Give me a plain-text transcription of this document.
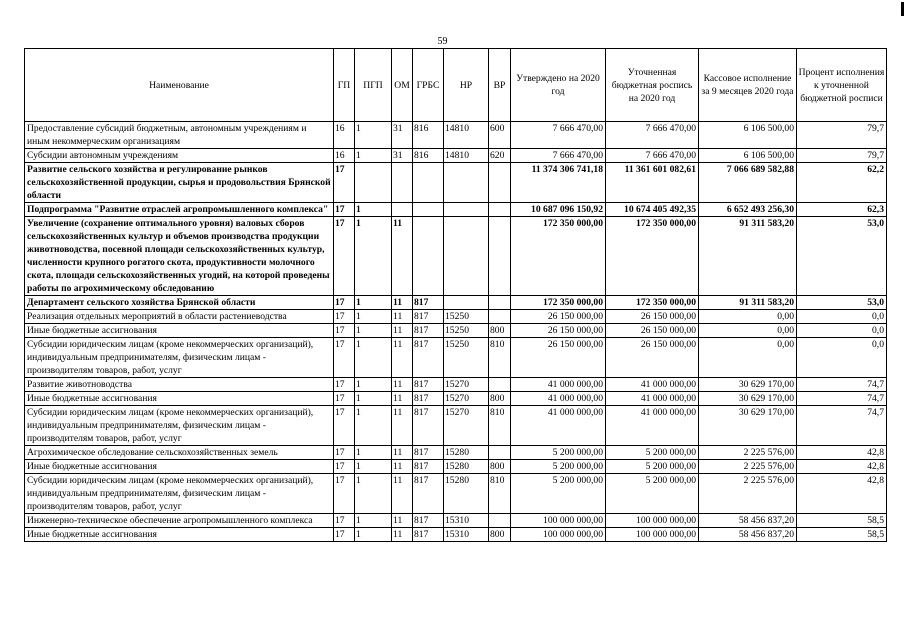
59
Наименование	ГП	ПГП	ОМ	ГРБС	НР	ВР	Утверждено на 2020 год	Уточненная бюджетная роспись на 2020 год	Кассовое исполнение за 9 месяцев 2020 года	Процент исполнения к уточненной бюджетной росписи
Предоставление субсидий бюджетным, автономным учреждениям и иным некоммерческим организациям	16	1	31	816	14810	600	7 666 470,00	7 666 470,00	6 106 500,00	79,7
Субсидии автономным учреждениям	16	1	31	816	14810	620	7 666 470,00	7 666 470,00	6 106 500,00	79,7
Развитие сельского хозяйства и регулирование рынков сельскохозяйственной продукции, сырья и продовольствия Брянской области	17						11 374 306 741,18	11 361 601 082,61	7 066 689 582,88	62,2
Подпрограмма "Развитие отраслей агропромышленного комплекса"	17	1					10 687 096 150,92	10 674 405 492,35	6 652 493 256,30	62,3
Увеличение (сохранение оптимального уровня) валовых сборов сельскохозяйственных культур и объемов производства продукции животноводства, посевной площади сельскохозяйственных культур, численности крупного рогатого скота, продуктивности молочного скота, площади сельскохозяйственных угодий, на которой проведены работы по агрохимическому обследованию	17	1	11				172 350 000,00	172 350 000,00	91 311 583,20	53,0
Департамент сельского хозяйства Брянской области	17	1	11	817			172 350 000,00	172 350 000,00	91 311 583,20	53,0
Реализация отдельных мероприятий в области растениеводства	17	1	11	817	15250		26 150 000,00	26 150 000,00	0,00	0,0
Иные бюджетные ассигнования	17	1	11	817	15250	800	26 150 000,00	26 150 000,00	0,00	0,0
Субсидии юридическим лицам (кроме некоммерческих организаций), индивидуальным предпринимателям, физическим лицам - производителям товаров, работ, услуг	17	1	11	817	15250	810	26 150 000,00	26 150 000,00	0,00	0,0
Развитие животноводства	17	1	11	817	15270		41 000 000,00	41 000 000,00	30 629 170,00	74,7
Иные бюджетные ассигнования	17	1	11	817	15270	800	41 000 000,00	41 000 000,00	30 629 170,00	74,7
Субсидии юридическим лицам (кроме некоммерческих организаций), индивидуальным предпринимателям, физическим лицам - производителям товаров, работ, услуг	17	1	11	817	15270	810	41 000 000,00	41 000 000,00	30 629 170,00	74,7
Агрохимическое обследование сельскохозяйственных земель	17	1	11	817	15280		5 200 000,00	5 200 000,00	2 225 576,00	42,8
Иные бюджетные ассигнования	17	1	11	817	15280	800	5 200 000,00	5 200 000,00	2 225 576,00	42,8
Субсидии юридическим лицам (кроме некоммерческих организаций), индивидуальным предпринимателям, физическим лицам - производителям товаров, работ, услуг	17	1	11	817	15280	810	5 200 000,00	5 200 000,00	2 225 576,00	42,8
Инженерно-техническое обеспечение агропромышленного комплекса	17	1	11	817	15310		100 000 000,00	100 000 000,00	58 456 837,20	58,5
Иные бюджетные ассигнования	17	1	11	817	15310	800	100 000 000,00	100 000 000,00	58 456 837,20	58,5
